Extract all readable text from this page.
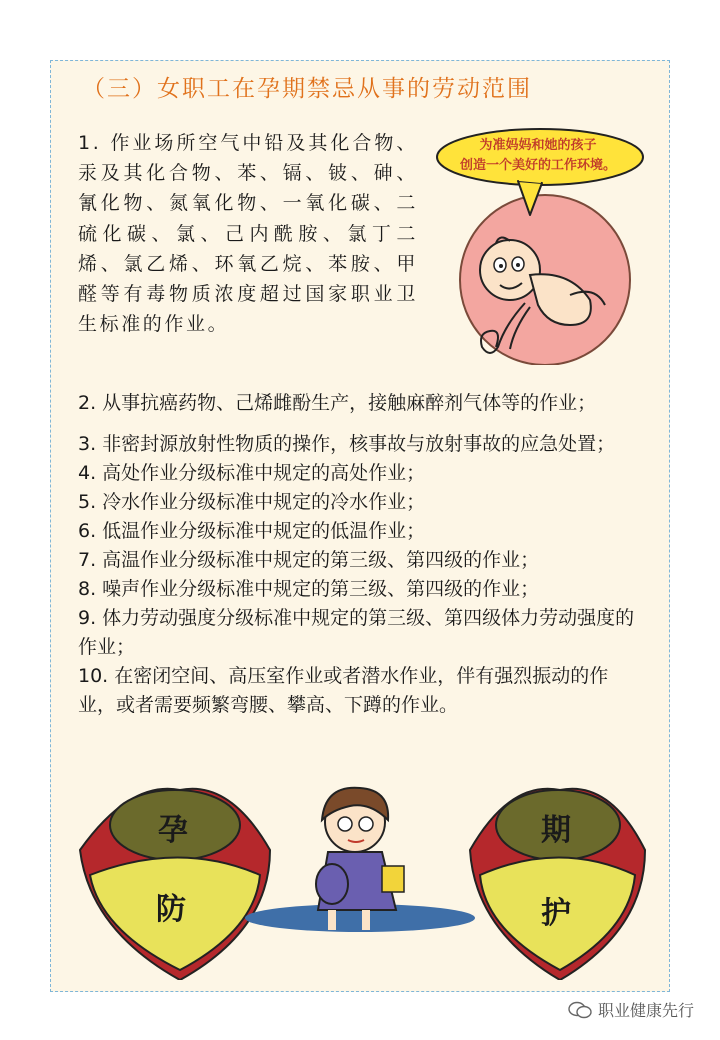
（三）女职工在孕期禁忌从事的劳动范围
1. 作业场所空气中铅及其化合物、汞及其化合物、苯、镉、铍、砷、氰化物、氮氧化物、一氧化碳、二硫化碳、氯、己内酰胺、氯丁二烯、氯乙烯、环氧乙烷、苯胺、甲醛等有毒物质浓度超过国家职业卫生标准的作业。
为准妈妈和她的孩子
创造一个美好的工作环境。
2. 从事抗癌药物、己烯雌酚生产，接触麻醉剂气体等的作业；
3. 非密封源放射性物质的操作，核事故与放射事故的应急处置；
4. 高处作业分级标准中规定的高处作业；
5. 冷水作业分级标准中规定的冷水作业；
6. 低温作业分级标准中规定的低温作业；
7. 高温作业分级标准中规定的第三级、第四级的作业；
8. 噪声作业分级标准中规定的第三级、第四级的作业；
9. 体力劳动强度分级标准中规定的第三级、第四级体力劳动强度的作业；
10. 在密闭空间、高压室作业或者潜水作业，伴有强烈振动的作业，或者需要频繁弯腰、攀高、下蹲的作业。
孕
防
期
护
职业健康先行
